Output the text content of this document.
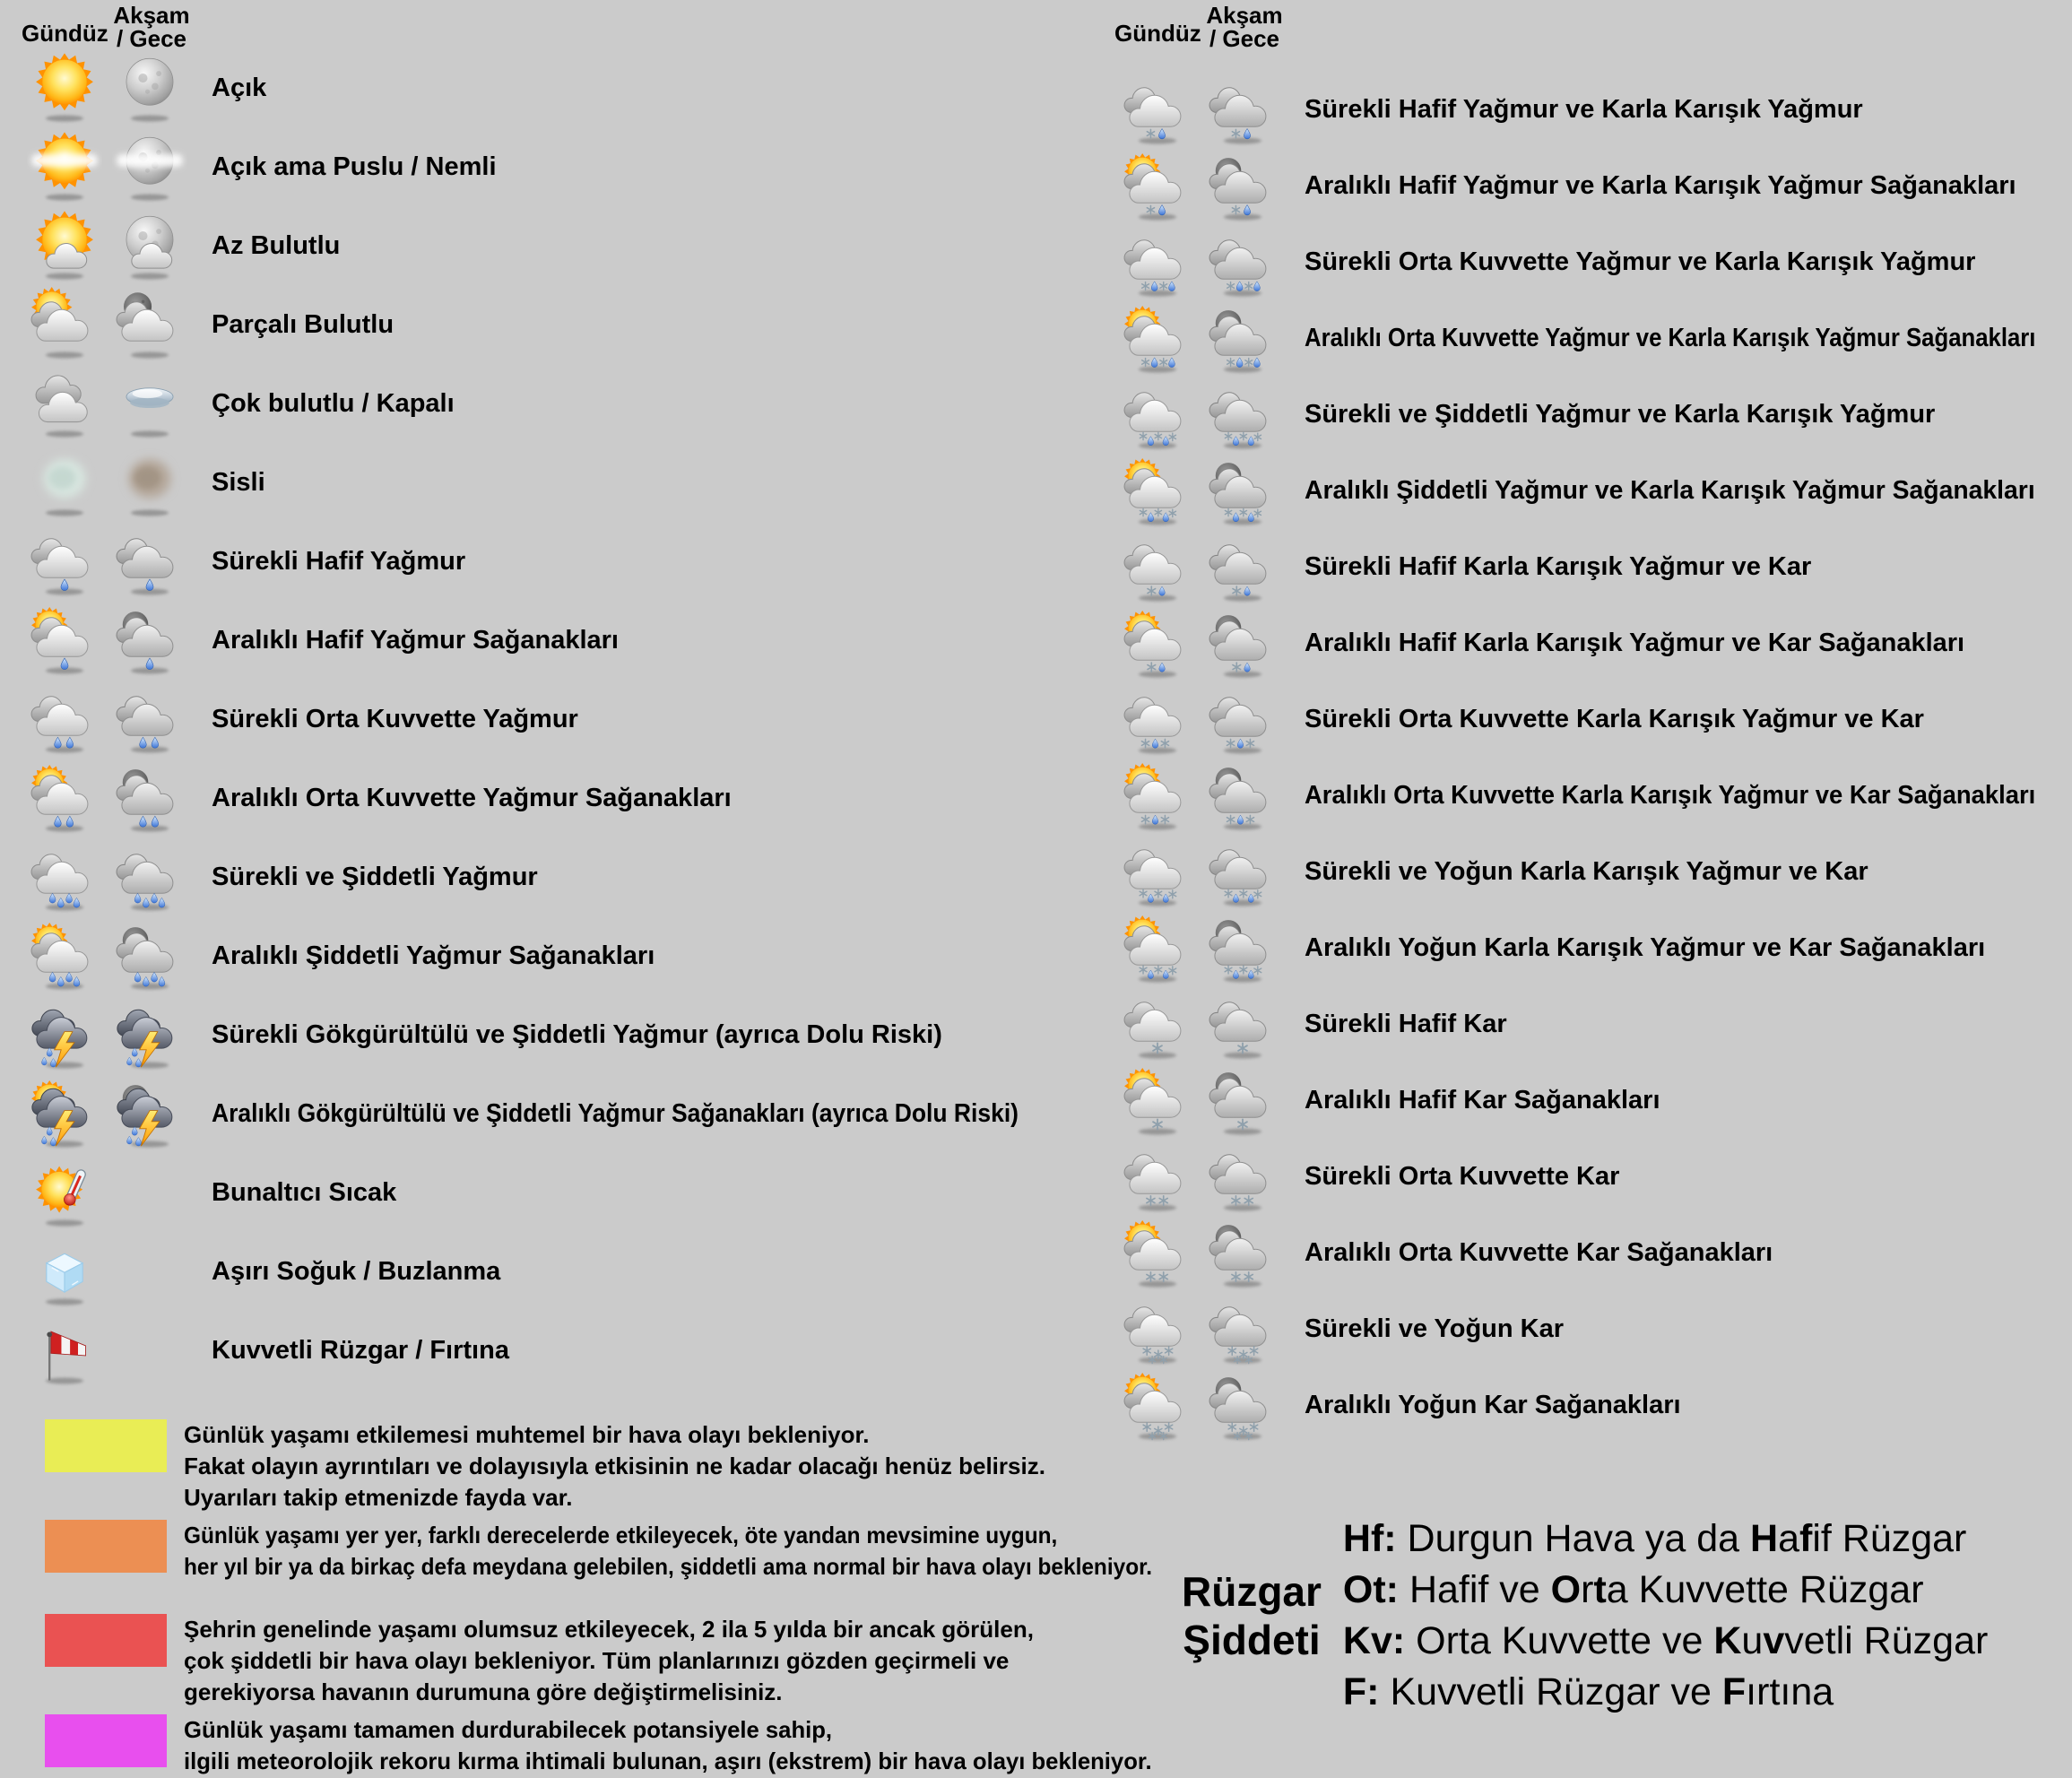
Gündüz
Akşam
/ Gece
Açık
Açık ama Puslu / Nemli
Az Bulutlu
Parçalı Bulutlu
Çok bulutlu / Kapalı
Sisli
Sürekli Hafif Yağmur
Aralıklı Hafif Yağmur Sağanakları
Sürekli Orta Kuvvette Yağmur
Aralıklı Orta Kuvvette Yağmur Sağanakları
Sürekli ve Şiddetli Yağmur
Aralıklı Şiddetli Yağmur Sağanakları
Sürekli Gökgürültülü ve Şiddetli Yağmur (ayrıca Dolu Riski)
Aralıklı Gökgürültülü ve Şiddetli Yağmur Sağanakları (ayrıca Dolu Riski)
Bunaltıcı Sıcak
Aşırı Soğuk / Buzlanma
Kuvvetli Rüzgar / Fırtına
Gündüz
Akşam
/ Gece
Sürekli Hafif Yağmur ve Karla Karışık Yağmur
Aralıklı Hafif Yağmur ve Karla Karışık Yağmur Sağanakları
Sürekli Orta Kuvvette Yağmur ve Karla Karışık Yağmur
Aralıklı Orta Kuvvette Yağmur ve Karla Karışık Yağmur Sağanakları
Sürekli ve Şiddetli Yağmur ve Karla Karışık Yağmur
Aralıklı Şiddetli Yağmur ve Karla Karışık Yağmur Sağanakları
Sürekli Hafif Karla Karışık Yağmur ve Kar
Aralıklı Hafif Karla Karışık Yağmur ve Kar Sağanakları
Sürekli Orta Kuvvette Karla Karışık Yağmur ve Kar
Aralıklı Orta Kuvvette Karla Karışık Yağmur ve Kar Sağanakları
Sürekli ve Yoğun Karla Karışık Yağmur ve Kar
Aralıklı Yoğun Karla Karışık Yağmur ve Kar Sağanakları
Sürekli Hafif Kar
Aralıklı Hafif Kar Sağanakları
Sürekli Orta Kuvvette Kar
Aralıklı Orta Kuvvette Kar Sağanakları
Sürekli ve Yoğun Kar
Aralıklı Yoğun Kar Sağanakları
Günlük yaşamı etkilemesi muhtemel bir hava olayı bekleniyor.
Fakat olayın ayrıntıları ve dolayısıyla etkisinin ne kadar olacağı henüz belirsiz.
Uyarıları takip etmenizde fayda var.
Günlük yaşamı yer yer, farklı derecelerde etkileyecek, öte yandan mevsimine uygun,
her yıl bir ya da birkaç defa meydana gelebilen, şiddetli ama normal bir hava olayı bekleniyor.
Şehrin genelinde yaşamı olumsuz etkileyecek, 2 ila 5 yılda bir ancak görülen,
çok şiddetli bir hava olayı bekleniyor. Tüm planlarınızı gözden geçirmeli ve
gerekiyorsa havanın durumuna göre değiştirmelisiniz.
Günlük yaşamı tamamen durdurabilecek potansiyele sahip,
ilgili meteorolojik rekoru kırma ihtimali bulunan, aşırı (ekstrem) bir hava olayı bekleniyor.
Rüzgar
Şiddeti
Hf: Durgun Hava ya da Hafif Rüzgar
Ot: Hafif ve Orta Kuvvette Rüzgar
Kv: Orta Kuvvette ve Kuvvetli Rüzgar
F: Kuvvetli Rüzgar ve Fırtına
